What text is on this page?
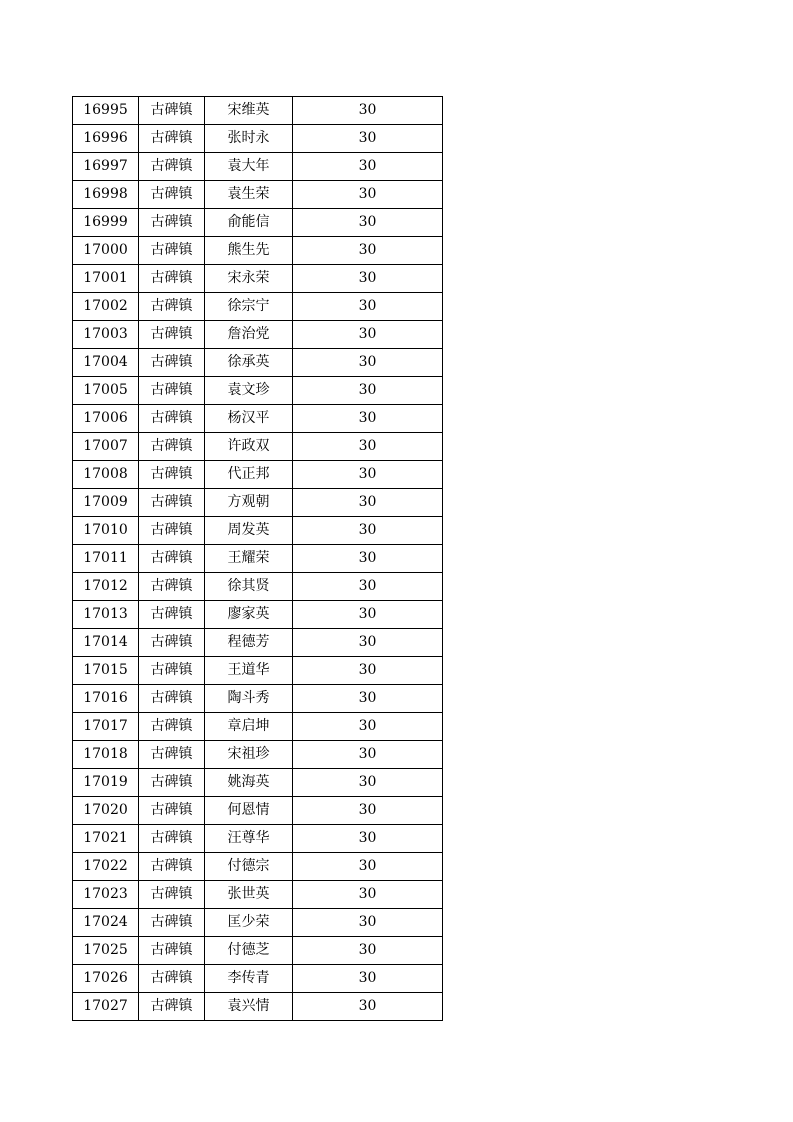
16995	古碑镇	宋维英	30
16996	古碑镇	张时永	30
16997	古碑镇	袁大年	30
16998	古碑镇	袁生荣	30
16999	古碑镇	俞能信	30
17000	古碑镇	熊生先	30
17001	古碑镇	宋永荣	30
17002	古碑镇	徐宗宁	30
17003	古碑镇	詹治党	30
17004	古碑镇	徐承英	30
17005	古碑镇	袁文珍	30
17006	古碑镇	杨汉平	30
17007	古碑镇	许政双	30
17008	古碑镇	代正邦	30
17009	古碑镇	方观朝	30
17010	古碑镇	周发英	30
17011	古碑镇	王耀荣	30
17012	古碑镇	徐其贤	30
17013	古碑镇	廖家英	30
17014	古碑镇	程德芳	30
17015	古碑镇	王道华	30
17016	古碑镇	陶斗秀	30
17017	古碑镇	章启坤	30
17018	古碑镇	宋祖珍	30
17019	古碑镇	姚海英	30
17020	古碑镇	何恩情	30
17021	古碑镇	汪尊华	30
17022	古碑镇	付德宗	30
17023	古碑镇	张世英	30
17024	古碑镇	匡少荣	30
17025	古碑镇	付德芝	30
17026	古碑镇	李传青	30
17027	古碑镇	袁兴情	30
